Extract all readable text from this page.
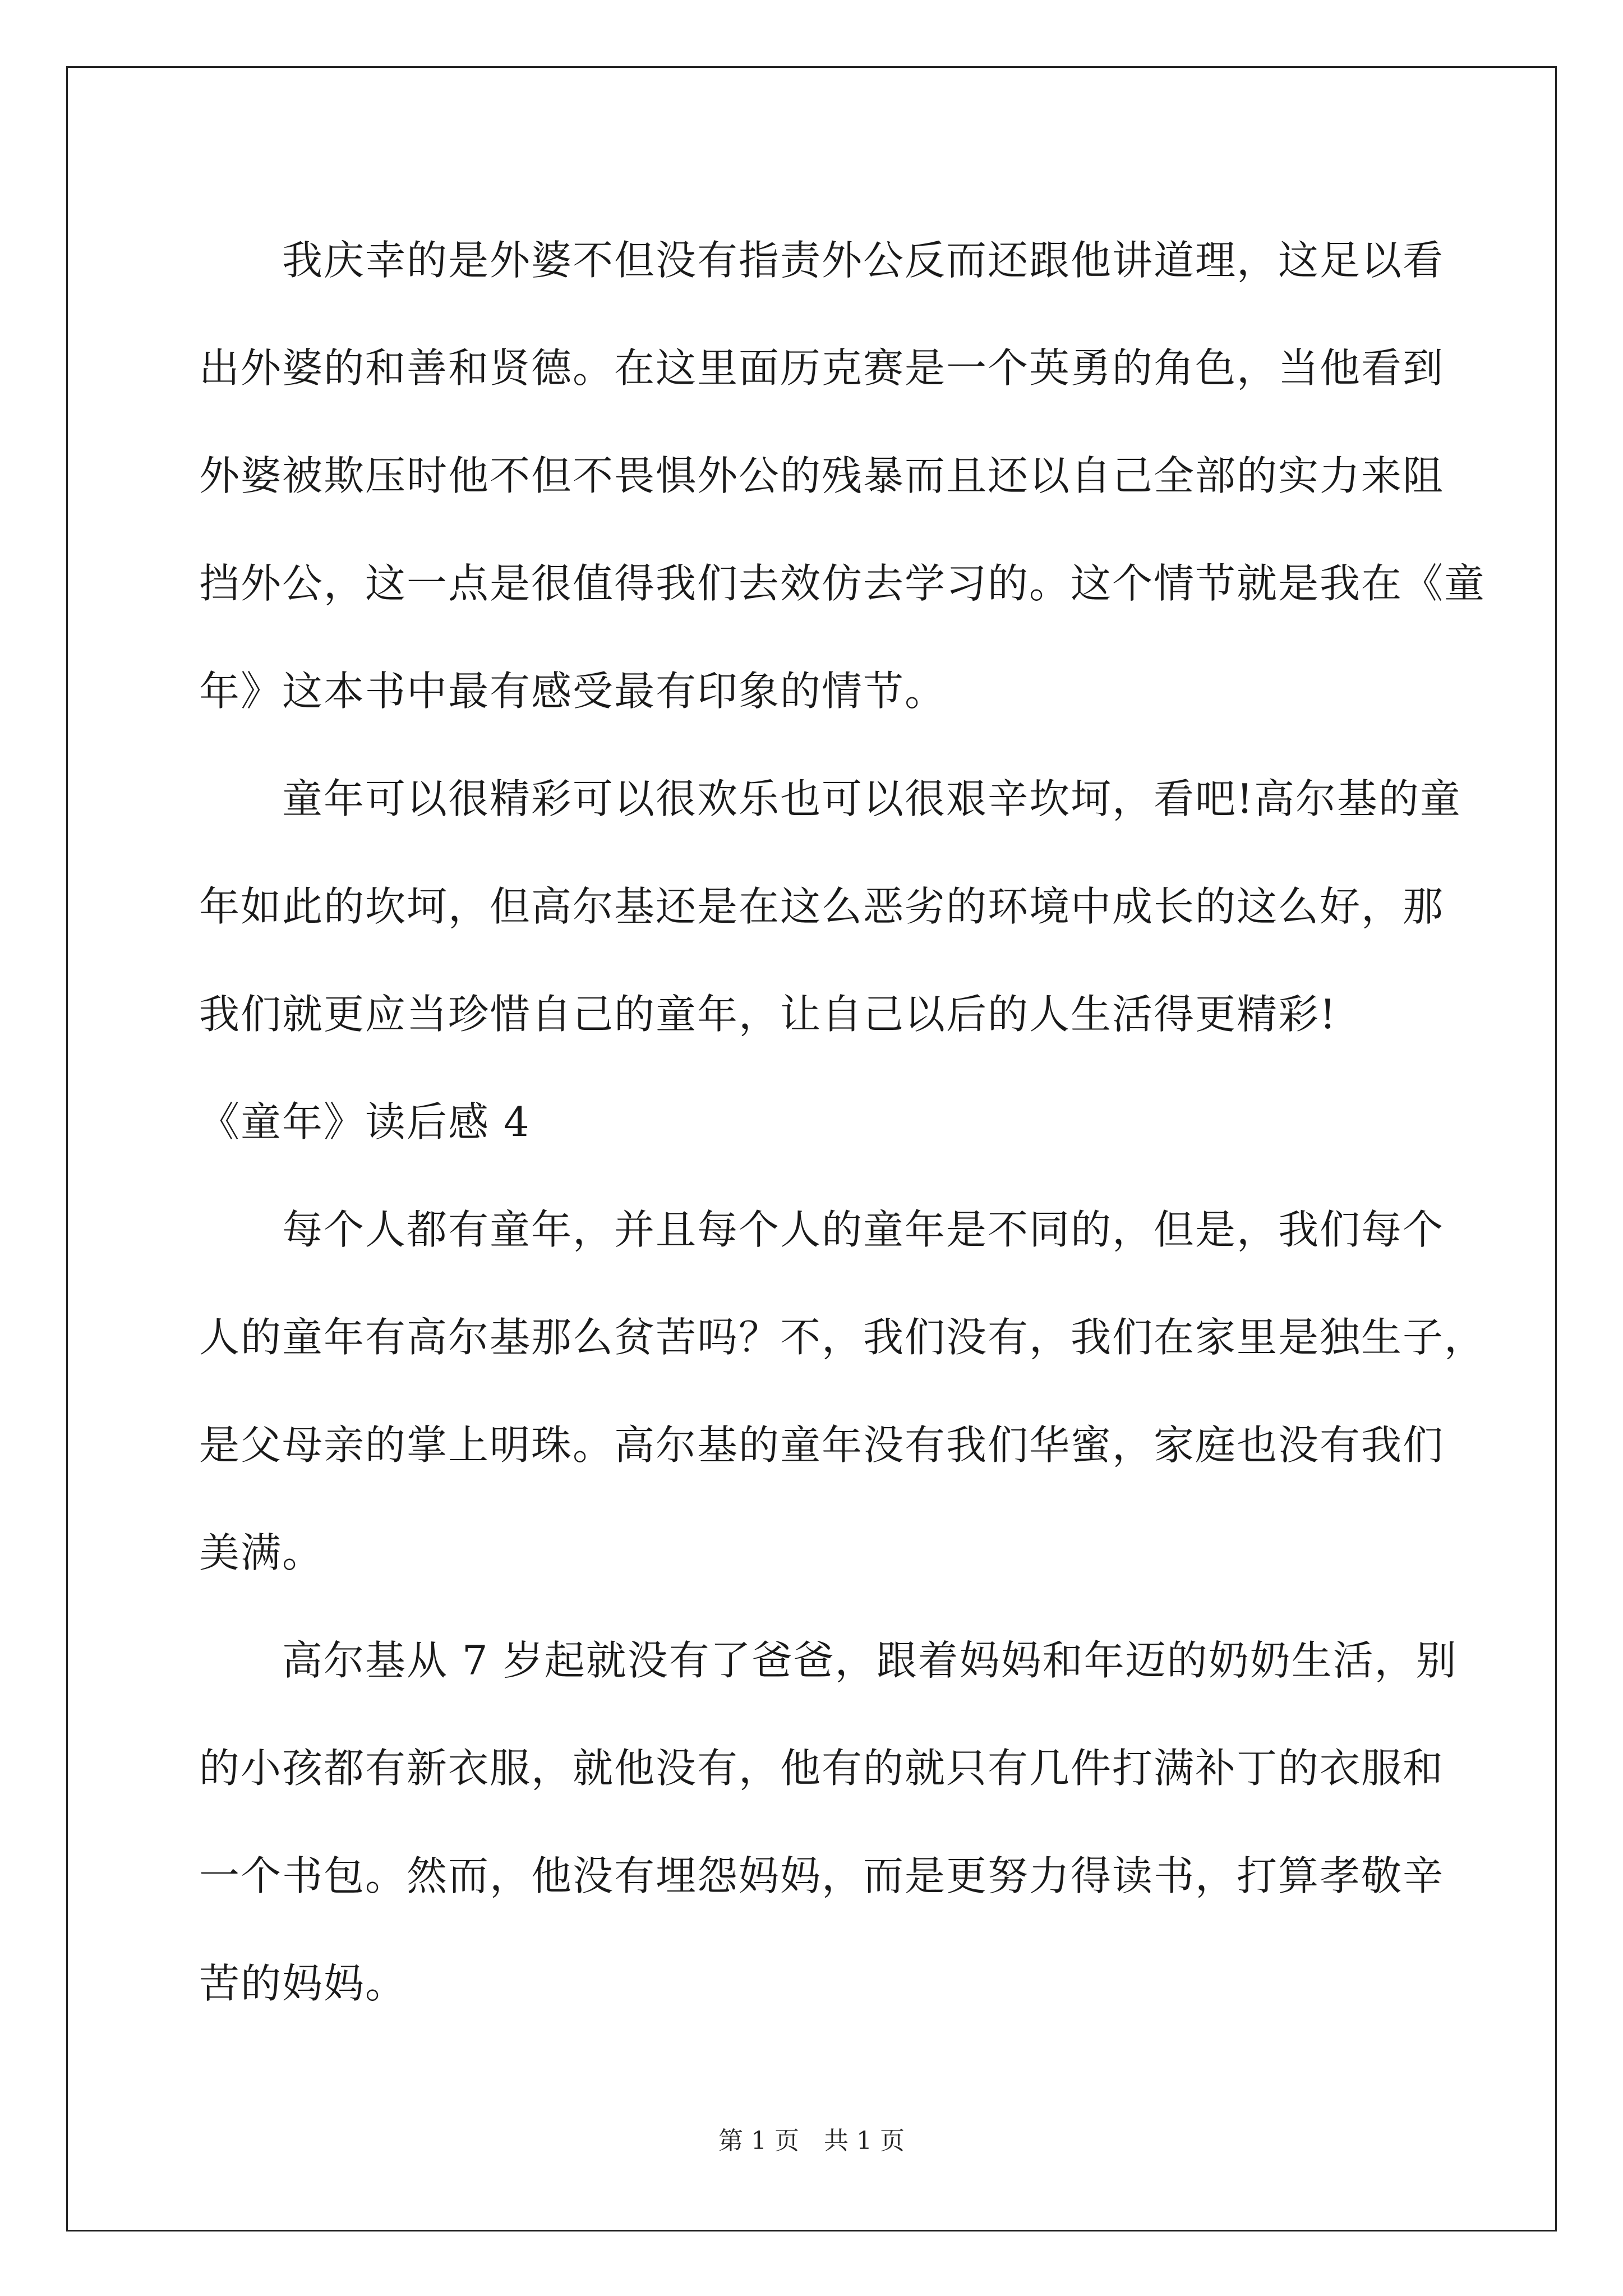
我庆幸的是外婆不但没有指责外公反而还跟他讲道理，这足以看
出外婆的和善和贤德。在这里面历克赛是一个英勇的角色，当他看到
外婆被欺压时他不但不畏惧外公的残暴而且还以自己全部的实力来阻
挡外公，这一点是很值得我们去效仿去学习的。这个情节就是我在《童
年》这本书中最有感受最有印象的情节。
童年可以很精彩可以很欢乐也可以很艰辛坎坷，看吧!高尔基的童
年如此的坎坷，但高尔基还是在这么恶劣的环境中成长的这么好，那
我们就更应当珍惜自己的童年，让自己以后的人生活得更精彩!
《童年》读后感 4
每个人都有童年，并且每个人的童年是不同的，但是，我们每个
人的童年有高尔基那么贫苦吗？不，我们没有，我们在家里是独生子，
是父母亲的掌上明珠。高尔基的童年没有我们华蜜，家庭也没有我们
美满。
高尔基从 7 岁起就没有了爸爸，跟着妈妈和年迈的奶奶生活，别
的小孩都有新衣服，就他没有，他有的就只有几件打满补丁的衣服和
一个书包。然而，他没有埋怨妈妈，而是更努力得读书，打算孝敬辛
苦的妈妈。
第 1 页　共 1 页
